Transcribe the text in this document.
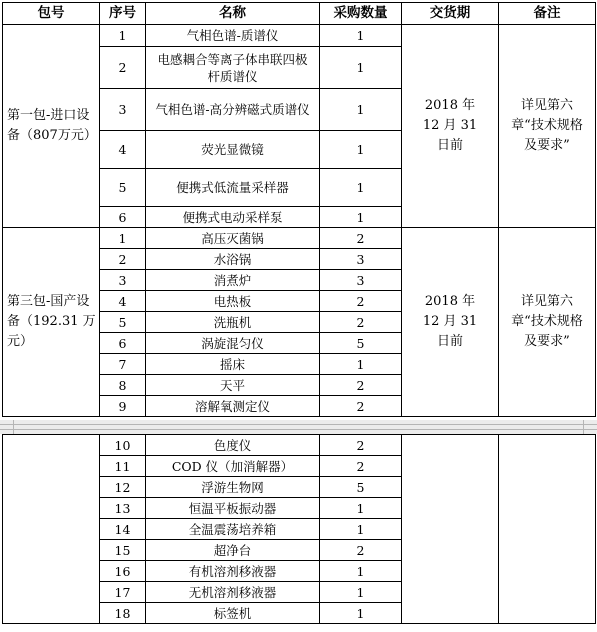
包号	序号	名称	采购数量	交货期	备注
第一包-进口设备（807万元）	1	气相色谱-质谱仪	1	2018 年 12 月 31 日前	详见第六章“技术规格及要求”
	2	电感耦合等离子体串联四极杆质谱仪	1		
	3	气相色谱-高分辨磁式质谱仪	1		
	4	荧光显微镜	1		
	5	便携式低流量采样器	1		
	6	便携式电动采样泵	1		
第三包-国产设备（192.31 万元）	1	高压灭菌锅	2	2018 年 12 月 31 日前	详见第六章“技术规格及要求”
	2	水浴锅	3		
	3	消煮炉	3		
	4	电热板	2		
	5	洗瓶机	2		
	6	涡旋混匀仪	5		
	7	摇床	1		
	8	天平	2		
	9	溶解氧测定仪	2		
	10	色度仪	2		
	11	COD 仪（加消解器）	2		
	12	浮游生物网	5		
	13	恒温平板振动器	1		
	14	全温震荡培养箱	1		
	15	超净台	2		
	16	有机溶剂移液器	1		
	17	无机溶剂移液器	1		
	18	标签机	1		
